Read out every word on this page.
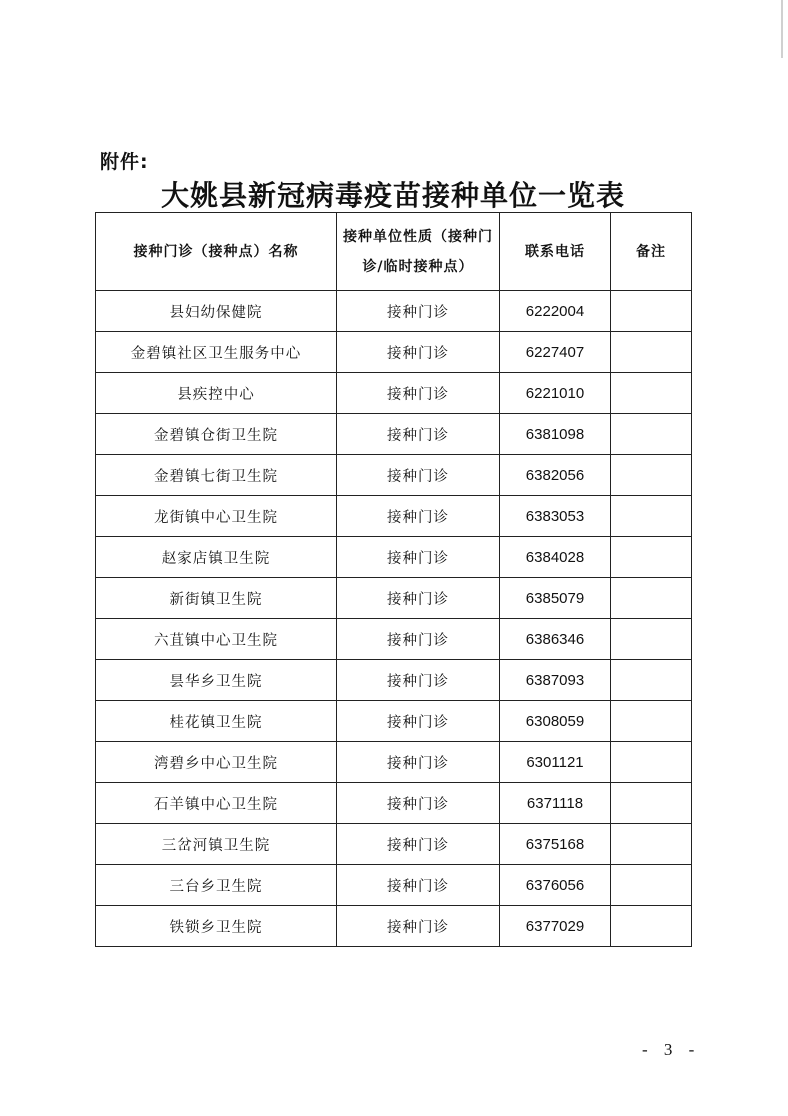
附件:
大姚县新冠病毒疫苗接种单位一览表
接种门诊（接种点）名称	接种单位性质（接种门诊/临时接种点）	联系电话	备注
县妇幼保健院	接种门诊	6222004	
金碧镇社区卫生服务中心	接种门诊	6227407	
县疾控中心	接种门诊	6221010	
金碧镇仓街卫生院	接种门诊	6381098	
金碧镇七街卫生院	接种门诊	6382056	
龙街镇中心卫生院	接种门诊	6383053	
赵家店镇卫生院	接种门诊	6384028	
新街镇卫生院	接种门诊	6385079	
六苴镇中心卫生院	接种门诊	6386346	
昙华乡卫生院	接种门诊	6387093	
桂花镇卫生院	接种门诊	6308059	
湾碧乡中心卫生院	接种门诊	6301121	
石羊镇中心卫生院	接种门诊	6371118	
三岔河镇卫生院	接种门诊	6375168	
三台乡卫生院	接种门诊	6376056	
铁锁乡卫生院	接种门诊	6377029	
- 3 -
